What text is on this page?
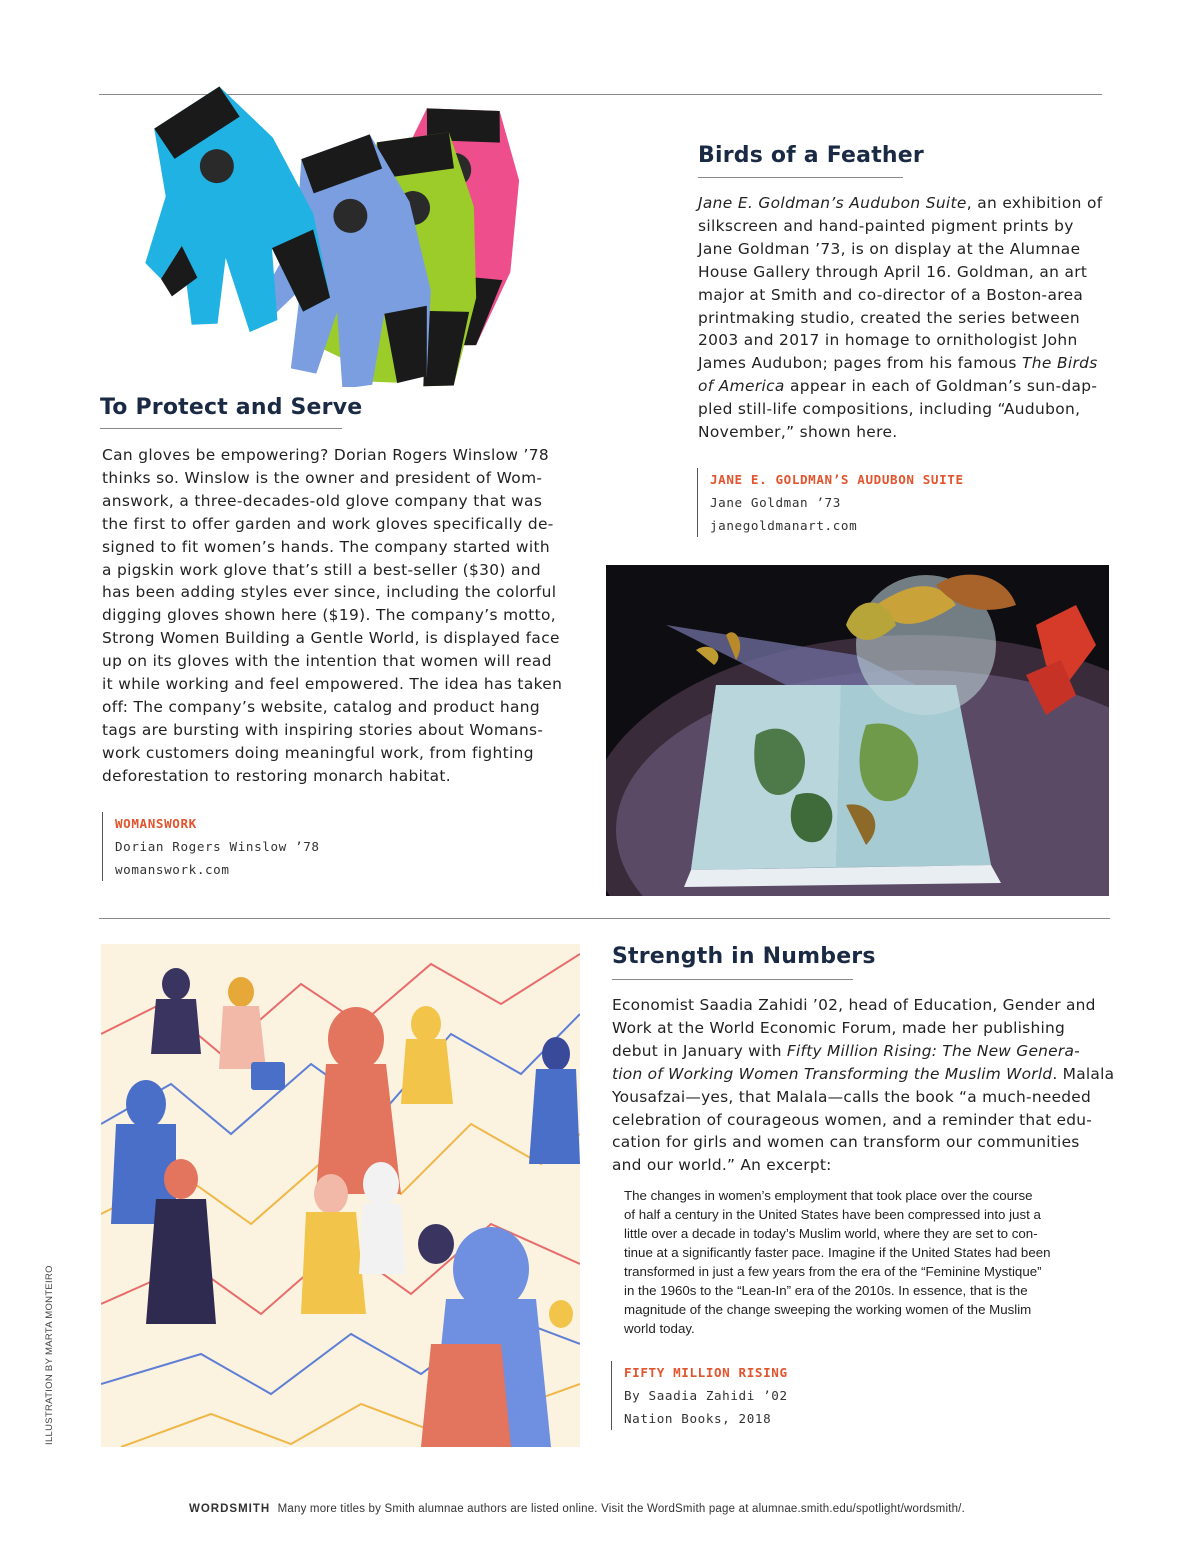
To Protect and Serve
Can gloves be empowering? Dorian Rogers Winslow ’78
thinks so. Winslow is the owner and president of Wom-
answork, a three-decades-old glove company that was
the first to offer garden and work gloves specifically de-
signed to fit women’s hands. The company started with
a pigskin work glove that’s still a best-seller ($30) and
has been adding styles ever since, including the colorful
digging gloves shown here ($19). The company’s motto,
Strong Women Building a Gentle World, is displayed face
up on its gloves with the intention that women will read
it while working and feel empowered. The idea has taken
off: The company’s website, catalog and product hang
tags are bursting with inspiring stories about Womans-
work customers doing meaningful work, from fighting
deforestation to restoring monarch habitat.
WOMANSWORK
Dorian Rogers Winslow ’78
womanswork.com
Birds of a Feather
Jane E. Goldman’s Audubon Suite, an exhibition of
silkscreen and hand-painted pigment prints by
Jane Goldman ’73, is on display at the Alumnae
House Gallery through April 16. Goldman, an art
major at Smith and co-director of a Boston-area
printmaking studio, created the series between
2003 and 2017 in homage to ornithologist John
James Audubon; pages from his famous The Birds
of America appear in each of Goldman’s sun-dap-
pled still-life compositions, including “Audubon,
November,” shown here.
JANE E. GOLDMAN’S AUDUBON SUITE
Jane Goldman ’73
janegoldmanart.com
ILLUSTRATION BY MARTA MONTEIRO
Strength in Numbers
Economist Saadia Zahidi ’02, head of Education, Gender and
Work at the World Economic Forum, made her publishing
debut in January with Fifty Million Rising: The New Genera-
tion of Working Women Transforming the Muslim World. Malala
Yousafzai—yes, that Malala—calls the book “a much-needed
celebration of courageous women, and a reminder that edu-
cation for girls and women can transform our communities
and our world.” An excerpt:
The changes in women’s employment that took place over the course
of half a century in the United States have been compressed into just a
little over a decade in today’s Muslim world, where they are set to con-
tinue at a significantly faster pace. Imagine if the United States had been
transformed in just a few years from the era of the “Feminine Mystique”
in the 1960s to the “Lean-In” era of the 2010s. In essence, that is the
magnitude of the change sweeping the working women of the Muslim
world today.
FIFTY MILLION RISING
By Saadia Zahidi ’02
Nation Books, 2018
WORDSMITH Many more titles by Smith alumnae authors are listed online. Visit the WordSmith page at alumnae.smith.edu/spotlight/wordsmith/.
